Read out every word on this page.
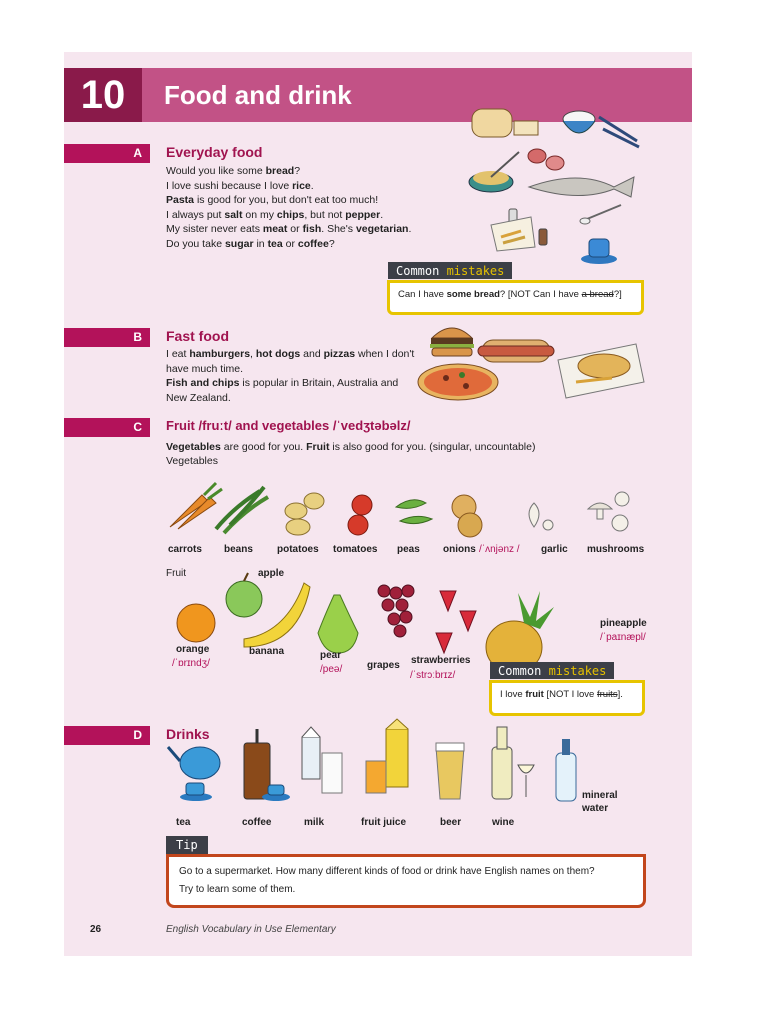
10	Food and drink
A	Everyday food
Would you like some bread?
I love sushi because I love rice.
Pasta is good for you, but don't eat too much!
I always put salt on my chips, but not pepper.
My sister never eats meat or fish. She's vegetarian.
Do you take sugar in tea or coffee?
Common mistakes
Can I have some bread? [NOT Can I have a bread?]
B	Fast food
I eat hamburgers, hot dogs and pizzas when I don't
have much time.
Fish and chips is popular in Britain, Australia and
New Zealand.
C	Fruit /fruːt/ and vegetables /ˈvedʒtəbəlz/
Vegetables are good for you. Fruit is also good for you. (singular, uncountable)
Vegetables
carrots beans potatoes tomatoes peas onions /ˈʌnjənz / garlic mushrooms
Fruit	apple
pineapple
/ˈpaɪnæpl/
orange
/ˈɒrɪndʒ/
banana	pear
/peə/ grapes strawberries
/ˈstrɔːbrɪz/	Common mistakes
I love fruit [NOT I love fruits].
D	Drinks
tea	coffee	milk	fruit juice	beer	wine
mineral water
Tip
Go to a supermarket. How many different kinds of food or drink have English names on them?
Try to learn some of them.
26	English Vocabulary in Use Elementary
